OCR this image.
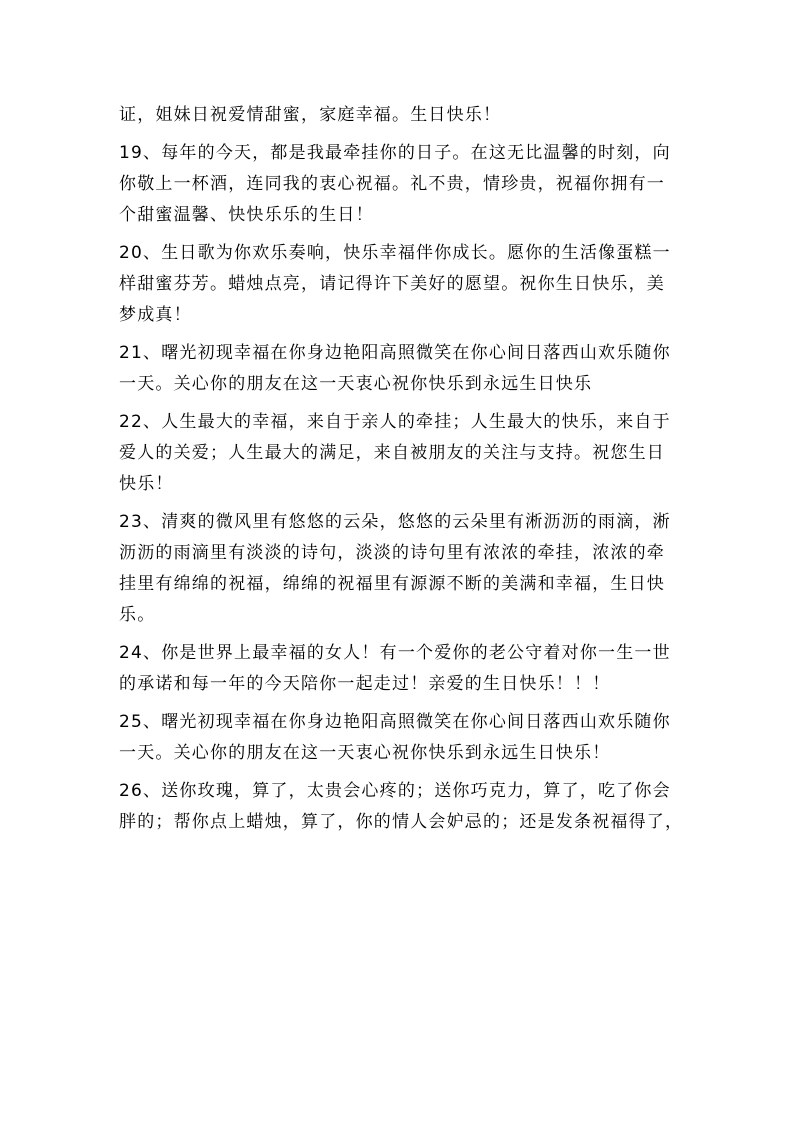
证，姐妹日祝爱情甜蜜，家庭幸福。生日快乐！
19、每年的今天，都是我最牵挂你的日子。在这无比温馨的时刻，向
你敬上一杯酒，连同我的衷心祝福。礼不贵，情珍贵，祝福你拥有一
个甜蜜温馨、快快乐乐的生日！
20、生日歌为你欢乐奏响，快乐幸福伴你成长。愿你的生活像蛋糕一
样甜蜜芬芳。蜡烛点亮，请记得许下美好的愿望。祝你生日快乐，美
梦成真！
21、曙光初现幸福在你身边艳阳高照微笑在你心间日落西山欢乐随你
一天。关心你的朋友在这一天衷心祝你快乐到永远生日快乐
22、人生最大的幸福，来自于亲人的牵挂；人生最大的快乐，来自于
爱人的关爱；人生最大的满足，来自被朋友的关注与支持。祝您生日
快乐！
23、清爽的微风里有悠悠的云朵，悠悠的云朵里有淅沥沥的雨滴，淅
沥沥的雨滴里有淡淡的诗句，淡淡的诗句里有浓浓的牵挂，浓浓的牵
挂里有绵绵的祝福，绵绵的祝福里有源源不断的美满和幸福，生日快
乐。
24、你是世界上最幸福的女人！有一个爱你的老公守着对你一生一世
的承诺和每一年的今天陪你一起走过！亲爱的生日快乐！！！
25、曙光初现幸福在你身边艳阳高照微笑在你心间日落西山欢乐随你
一天。关心你的朋友在这一天衷心祝你快乐到永远生日快乐！
26、送你玫瑰，算了，太贵会心疼的；送你巧克力，算了，吃了你会
胖的；帮你点上蜡烛，算了，你的情人会妒忌的；还是发条祝福得了，
